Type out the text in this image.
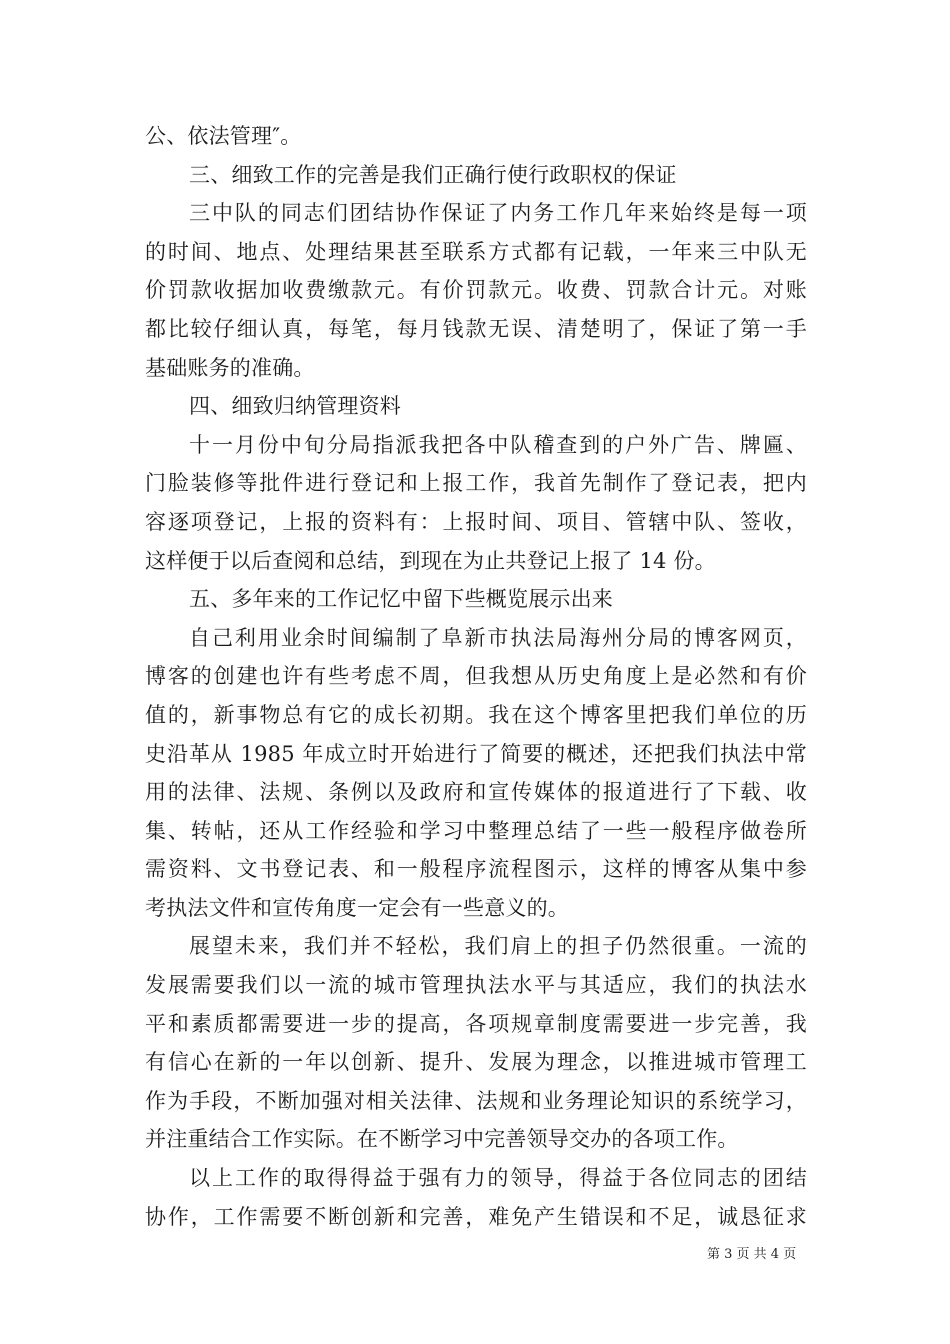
公、依法管理″。
三、细致工作的完善是我们正确行使行政职权的保证
三中队的同志们团结协作保证了内务工作几年来始终是每一项
的时间、地点、处理结果甚至联系方式都有记载，一年来三中队无
价罚款收据加收费缴款元。有价罚款元。收费、罚款合计元。对账
都比较仔细认真，每笔，每月钱款无误、清楚明了，保证了第一手
基础账务的准确。
四、细致归纳管理资料
十一月份中旬分局指派我把各中队稽查到的户外广告、牌匾、
门脸装修等批件进行登记和上报工作，我首先制作了登记表，把内
容逐项登记，上报的资料有：上报时间、项目、管辖中队、签收，
这样便于以后查阅和总结，到现在为止共登记上报了 14 份。
五、多年来的工作记忆中留下些概览展示出来
自己利用业余时间编制了阜新市执法局海州分局的博客网页，
博客的创建也许有些考虑不周，但我想从历史角度上是必然和有价
值的，新事物总有它的成长初期。我在这个博客里把我们单位的历
史沿革从 1985 年成立时开始进行了简要的概述，还把我们执法中常
用的法律、法规、条例以及政府和宣传媒体的报道进行了下载、收
集、转帖，还从工作经验和学习中整理总结了一些一般程序做卷所
需资料、文书登记表、和一般程序流程图示，这样的博客从集中参
考执法文件和宣传角度一定会有一些意义的。
展望未来，我们并不轻松，我们肩上的担子仍然很重。一流的
发展需要我们以一流的城市管理执法水平与其适应，我们的执法水
平和素质都需要进一步的提高，各项规章制度需要进一步完善，我
有信心在新的一年以创新、提升、发展为理念，以推进城市管理工
作为手段，不断加强对相关法律、法规和业务理论知识的系统学习，
并注重结合工作实际。在不断学习中完善领导交办的各项工作。
以上工作的取得得益于强有力的领导，得益于各位同志的团结
协作，工作需要不断创新和完善，难免产生错误和不足，诚恳征求
第 3 页 共 4 页
